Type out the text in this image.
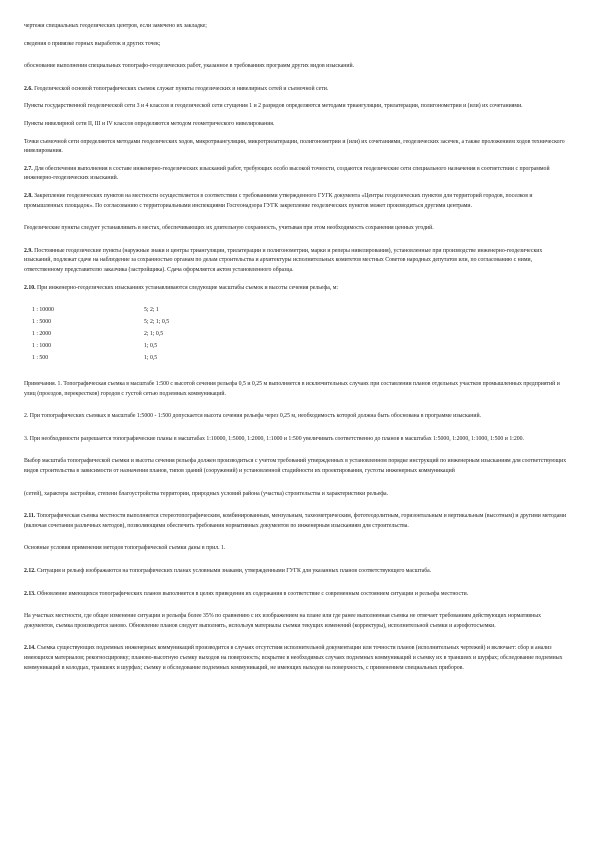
чертежи специальных геодезических центров, если замечено их закладке;

сведения о привязке горных выработок и других точек;

обоснование выполнения специальных топографо-геодезических работ, указанное в требованиях программ других видов изысканий.

2.6. Геодезической основой топографических съемок служат пункты геодезических и нивелирных сетей и съемочной сети.

Пункты государственной геодезической сети 3 и 4 классов и геодезической сети сгущения 1 и 2 разрядов определяются методами триангуляции, трилатерации, полигонометрии и (или) их сочетаниями.

Пункты нивелирной сети II, III и IV классов определяются методом геометрического нивелирования.

Точки съемочной сети определяются методами геодезических ходов, микротриангуляции, микротрилатерации, полигонометрии и (или) их сочетаниями, геодезических засечек, а также проложением ходов технического нивелирования.

2.7. Для обеспечения выполнения в составе инженерно-геодезических изысканий работ, требующих особо высокой точности, создаются геодезические сети специального назначения в соответствии с программой инженерно-геодезических изысканий.

2.8. Закрепление геодезических пунктов на местности осуществляется в соответствии с требованиями утвержденного ГУГК документа «Центры геодезических пунктов для территорий городов, поселков и промышленных площадок». По согласованию с территориальными инспекциями Госгеонадзора ГУГК закрепление геодезических пунктов может производиться другими центрами.

Геодезические пункты следует устанавливать в местах, обеспечивающих их длительную сохранность, учитывая при этом необходимость сохранения ценных угодий.

2.9. Постоянные геодезические пункты (наружные знаки и центры триангуляции, трилатерации и полигонометрии, марки и реперы нивелирования), установленные при производстве инженерно-геодезических изысканий, подлежат сдаче на наблюдение за сохранностью органам по делам строительства и архитектуры исполнительных комитетов местных Советов народных депутатов или, по согласованию с ними, ответственному представителю заказчика (застройщика). Сдача оформляется актом установленного образца.

2.10. При инженерно-геодезических изысканиях устанавливаются следующие масштабы съемок и высоты сечения рельефа, м:

1 : 10000	5; 2; 1
1 : 5000	5; 2; 1; 0,5
1 : 2000	2; 1; 0,5
1 : 1000	1; 0,5
1 : 500	1; 0,5

Примечания. 1. Топографическая съемка в масштабе 1:500 с высотой сечения рельефа 0,5 и 0,25 м выполняется в исключительных случаях при составлении планов отдельных участков промышленных предприятий и улиц (проездов, перекрестков) городов с густой сетью подземных коммуникаций.

2. При топографических съемках в масштабе 1:5000 - 1:500 допускается высота сечения рельефа через 0,25 м, необходимость которой должна быть обоснована в программе изысканий.

3. При необходимости разрешается топографические планы в масштабах 1:10000, 1:5000, 1:2000, 1:1000 и 1:500 увеличивать соответственно до планов в масштабах 1:5000, 1:2000, 1:1000, 1:500 и 1:200.

Выбор масштаба топографической съемки и высоты сечения рельефа должен производиться с учетом требований утвержденных в установленном порядке инструкций по инженерным изысканиям для соответствующих видов строительства в зависимости от назначения планов, типов зданий (сооружений) и установленной стадийности их проектирования, густоты инженерных коммуникаций

(сетей), характера застройки, степени благоустройства территории, природных условий района (участка) строительства и характеристики рельефа.

2.11. Топографическая съемка местности выполняется стереотопографическим, комбинированным, мензульным, тахеометрическим, фототеодолитным, горизонтальным и вертикальным (высотным) и другими методами (включая сочетания различных методов), позволяющими обеспечить требования нормативных документов по инженерным изысканиям для строительства.

Основные условия применения методов топографической съемки даны в прил. 1.

2.12. Ситуация и рельеф изображаются на топографических планах условными знаками, утвержденными ГУГК для указанных планов соответствующего масштаба.

2.13. Обновление имеющихся топографических планов выполняется в целях приведения их содержания в соответствие с современным состоянием ситуации и рельефа местности.

На участках местности, где общее изменение ситуации и рельефа более 35% по сравнению с их изображением на плане или где ранее выполненная съемка не отвечает требованиям действующих нормативных документов, съемка производится заново. Обновление планов следует выполнять, используя материалы съемки текущих изменений (корректуры), исполнительной съемки и аэрофотосъемки.

2.14. Съемка существующих подземных инженерных коммуникаций производится в случаях отсутствия исполнительной документации или точности планов (исполнительных чертежей) и включает: сбор и анализ имеющихся материалов; рекогносцировку; планово-высотную съемку выходов на поверхность; вскрытие в необходимых случаях подземных коммуникаций и съемку их в траншеях и шурфах; обследование подземных коммуникаций в колодцах, траншеях и шурфах; съемку и обследование подземных коммуникаций, не имеющих выходов на поверхность, с применением специальных приборов.
